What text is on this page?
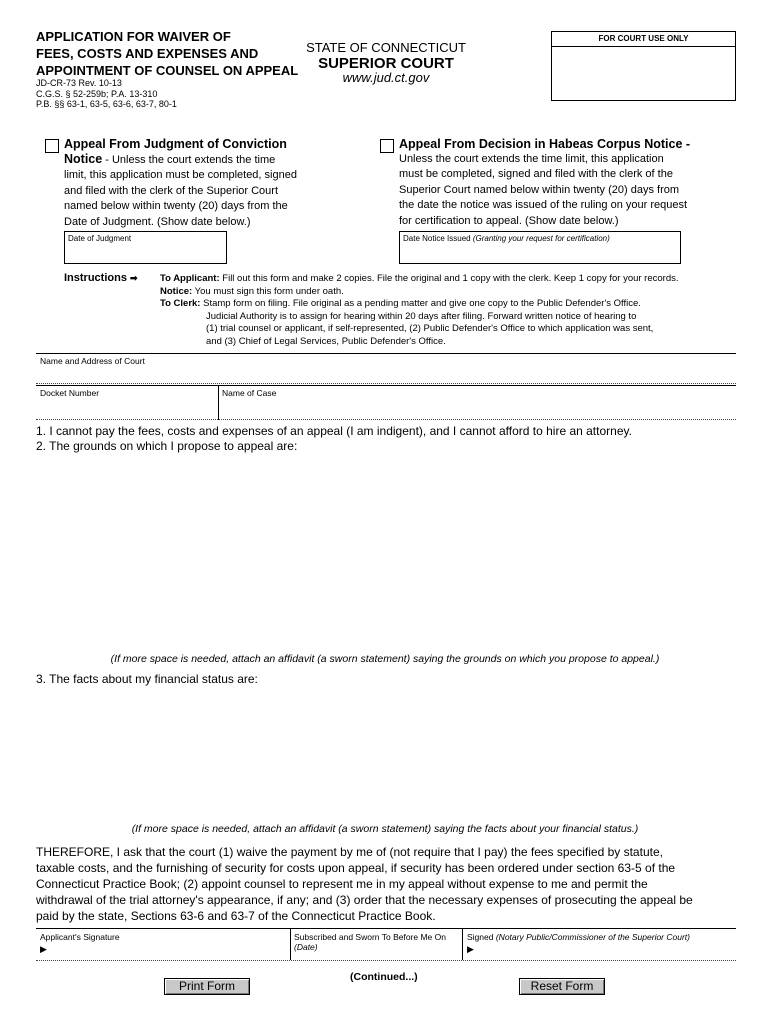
APPLICATION FOR WAIVER OF
FEES, COSTS AND EXPENSES AND
APPOINTMENT OF COUNSEL ON APPEAL
JD-CR-73 Rev. 10-13
C.G.S. § 52-259b; P.A. 13-310
P.B. §§ 63-1, 63-5, 63-6, 63-7, 80-1
STATE OF CONNECTICUT
SUPERIOR COURT
www.jud.ct.gov
FOR COURT USE ONLY
Appeal From Judgment of Conviction
Notice - Unless the court extends the time
limit, this application must be completed, signed
and filed with the clerk of the Superior Court
named below within twenty (20) days from the
Date of Judgment. (Show date below.)
Date of Judgment
Appeal From Decision in Habeas Corpus Notice -
Unless the court extends the time limit, this application
must be completed, signed and filed with the clerk of the
Superior Court named below within twenty (20) days from
the date the notice was issued of the ruling on your request
for certification to appeal. (Show date below.)
Date Notice Issued (Granting your request for certification)
Instructions ➡ To Applicant: Fill out this form and make 2 copies. File the original and 1 copy with the clerk. Keep 1 copy for your records.
Notice: You must sign this form under oath.
To Clerk: Stamp form on filing. File original as a pending matter and give one copy to the Public Defender's Office.
Judicial Authority is to assign for hearing within 20 days after filing. Forward written notice of hearing to
(1) trial counsel or applicant, if self-represented, (2) Public Defender's Office to which application was sent,
and (3) Chief of Legal Services, Public Defender's Office.
Name and Address of Court
Docket Number	Name of Case
1. I cannot pay the fees, costs and expenses of an appeal (I am indigent), and I cannot afford to hire an attorney.
2. The grounds on which I propose to appeal are:
(If more space is needed, attach an affidavit (a sworn statement) saying the grounds on which you propose to appeal.)
3. The facts about my financial status are:
(If more space is needed, attach an affidavit (a sworn statement) saying the facts about your financial status.)
THEREFORE, I ask that the court (1) waive the payment by me of (not require that I pay) the fees specified by statute,
taxable costs, and the furnishing of security for costs upon appeal, if security has been ordered under section 63-5 of the
Connecticut Practice Book; (2) appoint counsel to represent me in my appeal without expense to me and permit the
withdrawal of the trial attorney's appearance, if any; and (3) order that the necessary expenses of prosecuting the appeal be
paid by the state, Sections 63-6 and 63-7 of the Connecticut Practice Book.
Applicant's Signature
▶
Subscribed and Sworn To Before Me On
(Date)
Signed (Notary Public/Commissioner of the Superior Court)
▶
Print Form
(Continued...)
Reset Form
